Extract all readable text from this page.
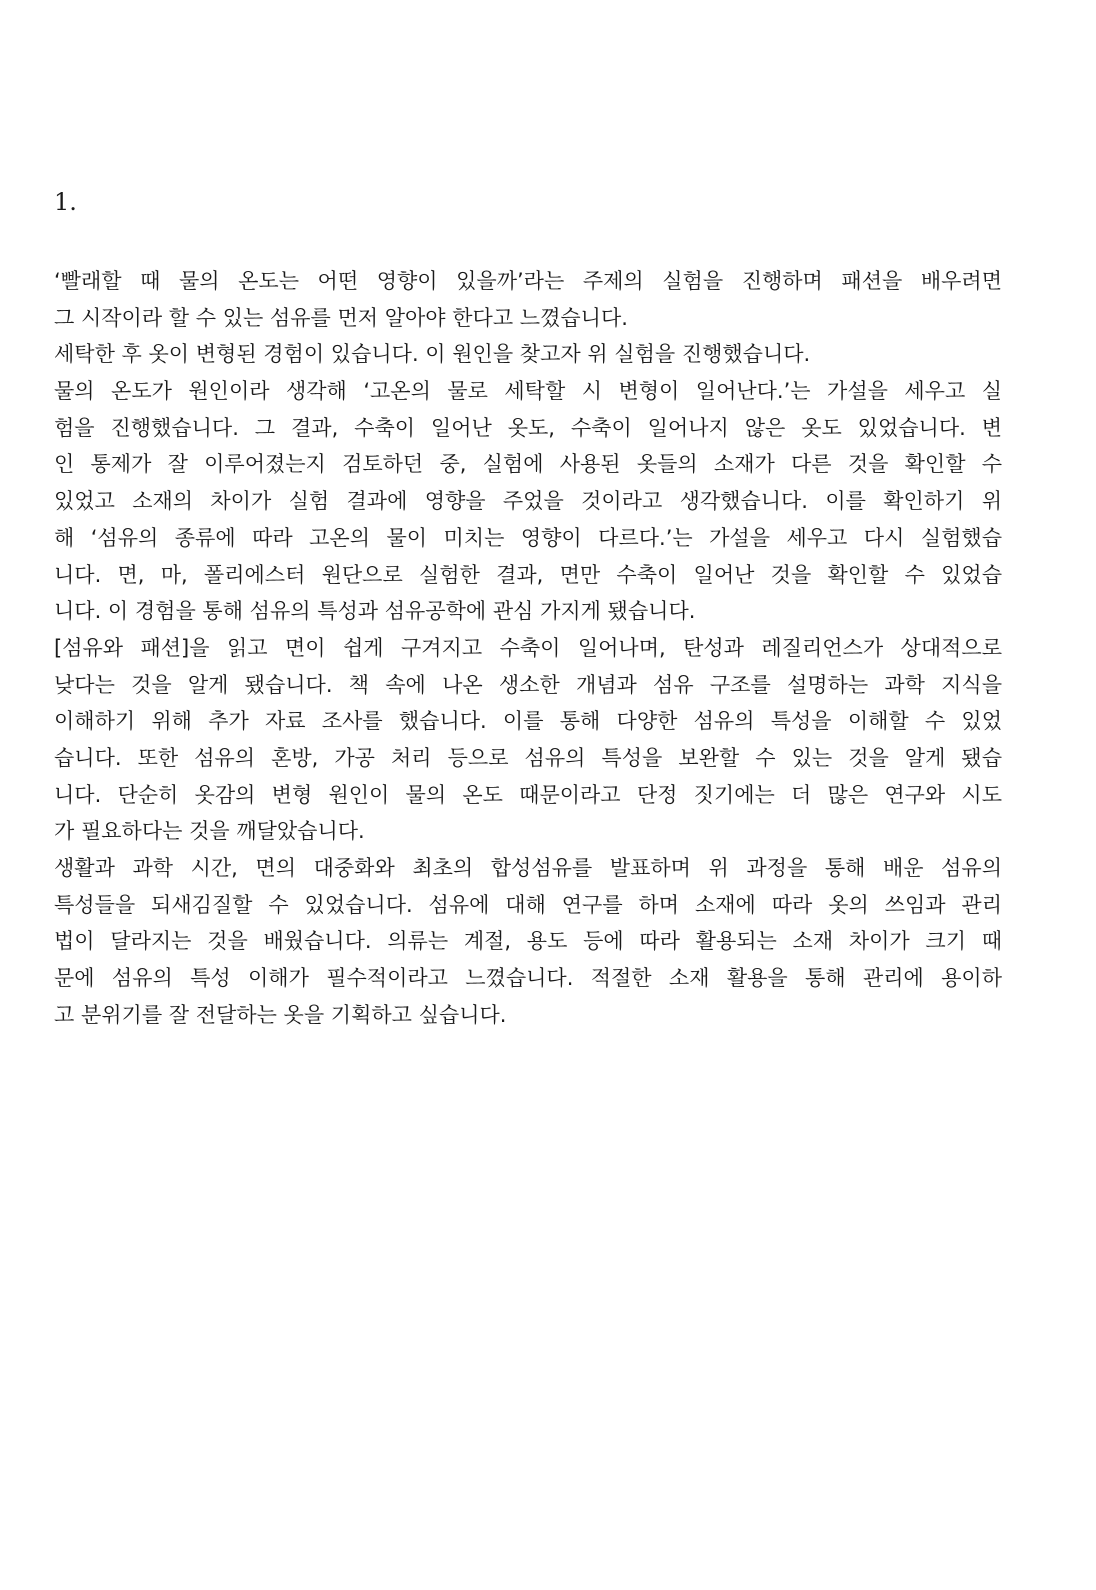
1.

‘빨래할 때 물의 온도는 어떤 영향이 있을까’라는 주제의 실험을 진행하며 패션을 배우려면
그 시작이라 할 수 있는 섬유를 먼저 알아야 한다고 느꼈습니다.
세탁한 후 옷이 변형된 경험이 있습니다. 이 원인을 찾고자 위 실험을 진행했습니다.
물의 온도가 원인이라 생각해 ‘고온의 물로 세탁할 시 변형이 일어난다.’는 가설을 세우고 실
험을 진행했습니다. 그 결과, 수축이 일어난 옷도, 수축이 일어나지 않은 옷도 있었습니다. 변
인 통제가 잘 이루어졌는지 검토하던 중, 실험에 사용된 옷들의 소재가 다른 것을 확인할 수
있었고 소재의 차이가 실험 결과에 영향을 주었을 것이라고 생각했습니다. 이를 확인하기 위
해 ‘섬유의 종류에 따라 고온의 물이 미치는 영향이 다르다.’는 가설을 세우고 다시 실험했습
니다. 면, 마, 폴리에스터 원단으로 실험한 결과, 면만 수축이 일어난 것을 확인할 수 있었습
니다. 이 경험을 통해 섬유의 특성과 섬유공학에 관심 가지게 됐습니다.
[섬유와 패션]을 읽고 면이 쉽게 구겨지고 수축이 일어나며, 탄성과 레질리언스가 상대적으로
낮다는 것을 알게 됐습니다. 책 속에 나온 생소한 개념과 섬유 구조를 설명하는 과학 지식을
이해하기 위해 추가 자료 조사를 했습니다. 이를 통해 다양한 섬유의 특성을 이해할 수 있었
습니다. 또한 섬유의 혼방, 가공 처리 등으로 섬유의 특성을 보완할 수 있는 것을 알게 됐습
니다. 단순히 옷감의 변형 원인이 물의 온도 때문이라고 단정 짓기에는 더 많은 연구와 시도
가 필요하다는 것을 깨달았습니다.
생활과 과학 시간, 면의 대중화와 최초의 합성섬유를 발표하며 위 과정을 통해 배운 섬유의
특성들을 되새김질할 수 있었습니다. 섬유에 대해 연구를 하며 소재에 따라 옷의 쓰임과 관리
법이 달라지는 것을 배웠습니다. 의류는 계절, 용도 등에 따라 활용되는 소재 차이가 크기 때
문에 섬유의 특성 이해가 필수적이라고 느꼈습니다. 적절한 소재 활용을 통해 관리에 용이하
고 분위기를 잘 전달하는 옷을 기획하고 싶습니다.
